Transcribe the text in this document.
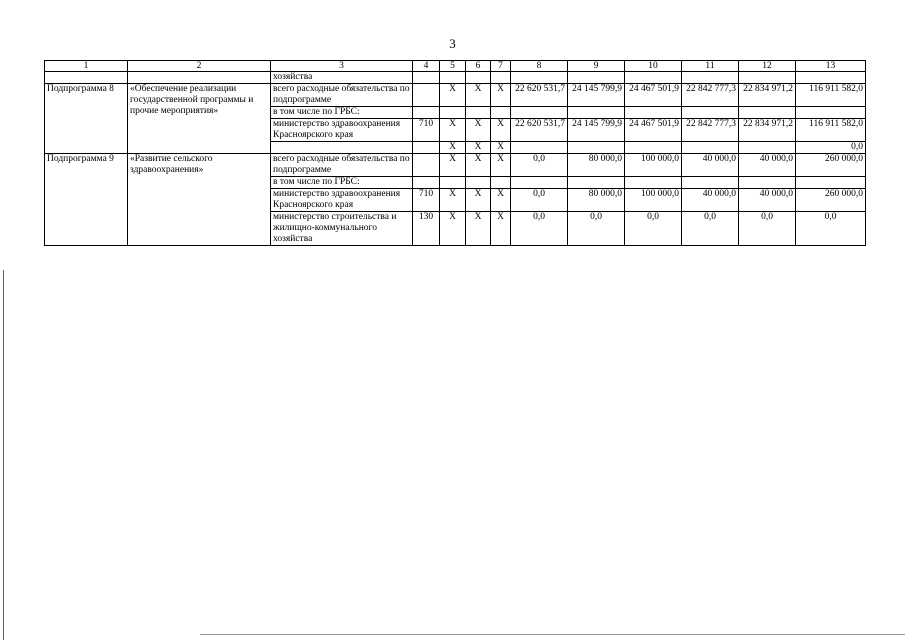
3
1	2	3	4	5	6	7	8	9	10	11	12	13
		хозяйства										
Подпрограмма 8	«Обеспечение реализации государственной программы и прочие мероприятия»	всего расходные обязательства по подпрограмме		Х	Х	Х	22 620 531,7	24 145 799,9	24 467 501,9	22 842 777,3	22 834 971,2	116 911 582,0
		в том числе по ГРБС:										
		министерство здравоохранения Красноярского края	710	Х	Х	Х	22 620 531,7	24 145 799,9	24 467 501,9	22 842 777,3	22 834 971,2	116 911 582,0
				Х	Х	Х						0,0
Подпрограмма 9	«Развитие сельского здравоохранения»	всего расходные обязательства по подпрограмме		Х	Х	Х	0,0	80 000,0	100 000,0	40 000,0	40 000,0	260 000,0
		в том числе по ГРБС:										
		министерство здравоохранения Красноярского края	710	Х	Х	Х	0,0	80 000,0	100 000,0	40 000,0	40 000,0	260 000,0
		министерство строительства и жилищно-коммунального хозяйства	130	Х	Х	Х	0,0	0,0	0,0	0,0	0,0	0,0
